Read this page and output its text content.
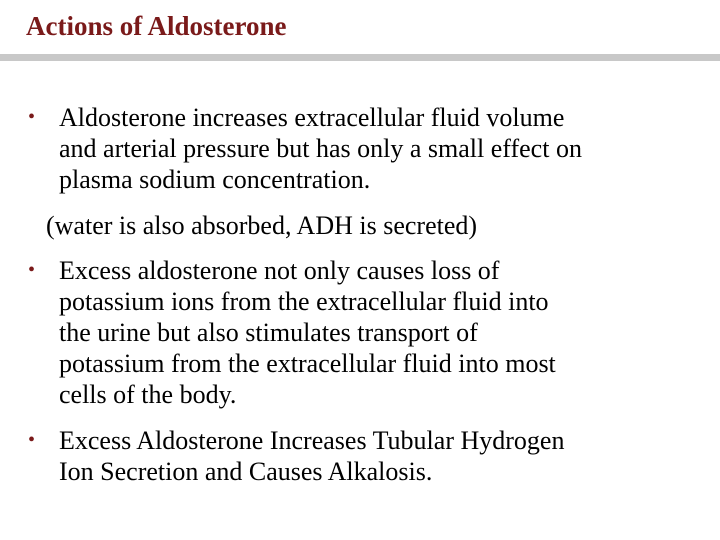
Actions of Aldosterone
• Aldosterone increases extracellular fluid volume
and arterial pressure but has only a small effect on
plasma sodium concentration.
(water is also absorbed, ADH is secreted)
• Excess aldosterone not only causes loss of
potassium ions from the extracellular fluid into
the urine but also stimulates transport of
potassium from the extracellular fluid into most
cells of the body.
• Excess Aldosterone Increases Tubular Hydrogen
Ion Secretion and Causes Alkalosis.
